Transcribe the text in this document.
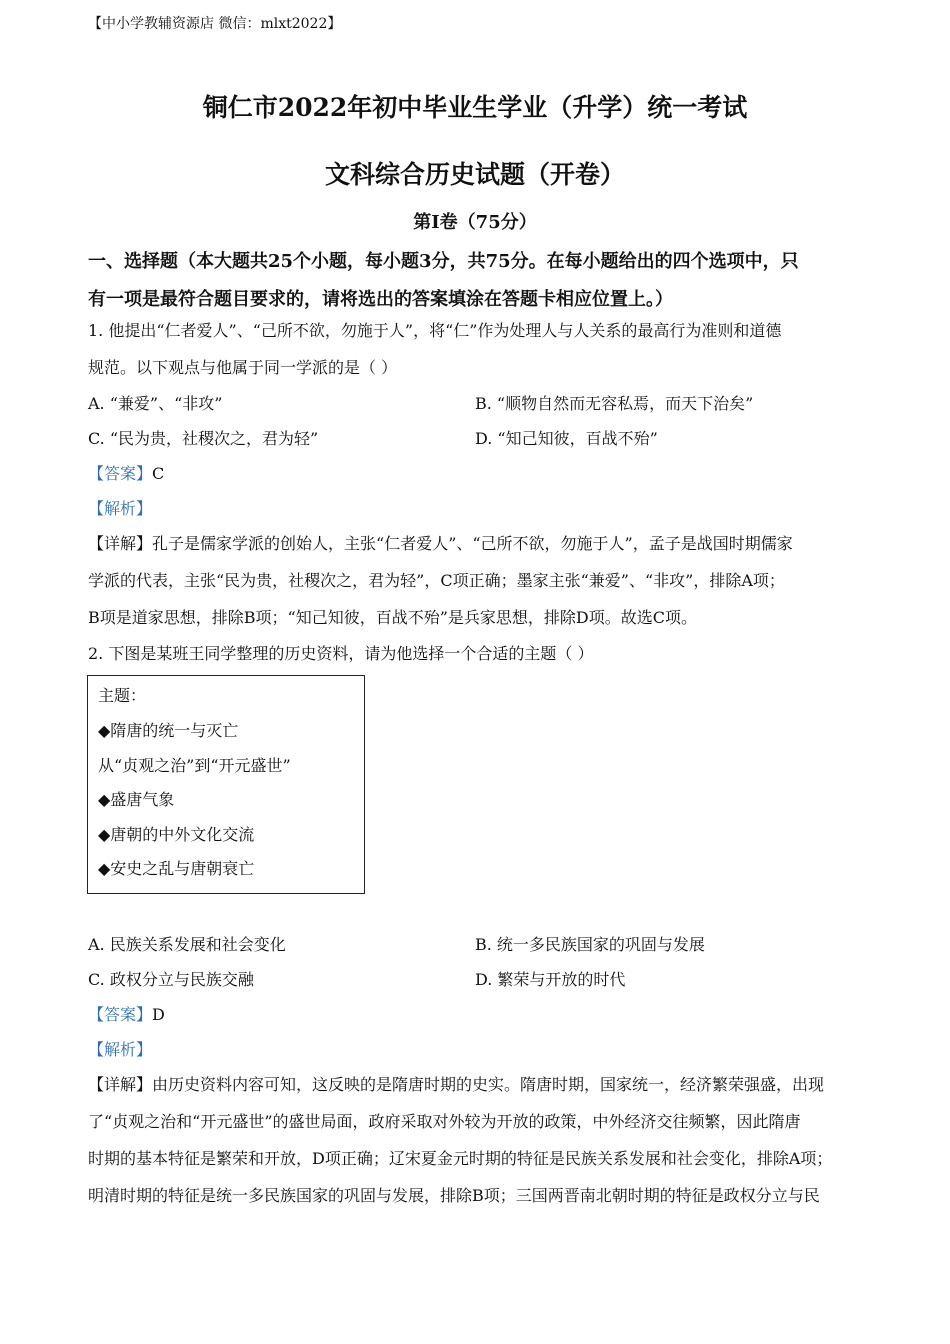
【中小学教辅资源店 微信：mlxt2022】
铜仁市2022年初中毕业生学业（升学）统一考试
文科综合历史试题（开卷）
第Ⅰ卷（75分）
一、选择题（本大题共25个小题，每小题3分，共75分。在每小题给出的四个选项中，只
有一项是最符合题目要求的，请将选出的答案填涂在答题卡相应位置上。）
1. 他提出“仁者爱人”、“己所不欲，勿施于人”，将“仁”作为处理人与人关系的最高行为准则和道德
规范。以下观点与他属于同一学派的是（ ）
A. “兼爱”、“非攻”	B. “顺物自然而无容私焉，而天下治矣”
C. “民为贵，社稷次之，君为轻”	D. “知己知彼，百战不殆”
【答案】C
【解析】
【详解】孔子是儒家学派的创始人，主张“仁者爱人”、“己所不欲，勿施于人”，孟子是战国时期儒家
学派的代表，主张“民为贵，社稷次之，君为轻”，C项正确；墨家主张“兼爱”、“非攻”，排除A项；
B项是道家思想，排除B项；“知己知彼，百战不殆”是兵家思想，排除D项。故选C项。
2. 下图是某班王同学整理的历史资料，请为他选择一个合适的主题（ ）
主题：
◆隋唐的统一与灭亡
从“贞观之治”到“开元盛世”
◆盛唐气象
◆唐朝的中外文化交流
◆安史之乱与唐朝衰亡
A. 民族关系发展和社会变化	B. 统一多民族国家的巩固与发展
C. 政权分立与民族交融	D. 繁荣与开放的时代
【答案】D
【解析】
【详解】由历史资料内容可知，这反映的是隋唐时期的史实。隋唐时期，国家统一，经济繁荣强盛，出现
了“贞观之治和“开元盛世”的盛世局面，政府采取对外较为开放的政策，中外经济交往频繁，因此隋唐
时期的基本特征是繁荣和开放，D项正确；辽宋夏金元时期的特征是民族关系发展和社会变化，排除A项；
明清时期的特征是统一多民族国家的巩固与发展，排除B项；三国两晋南北朝时期的特征是政权分立与民
